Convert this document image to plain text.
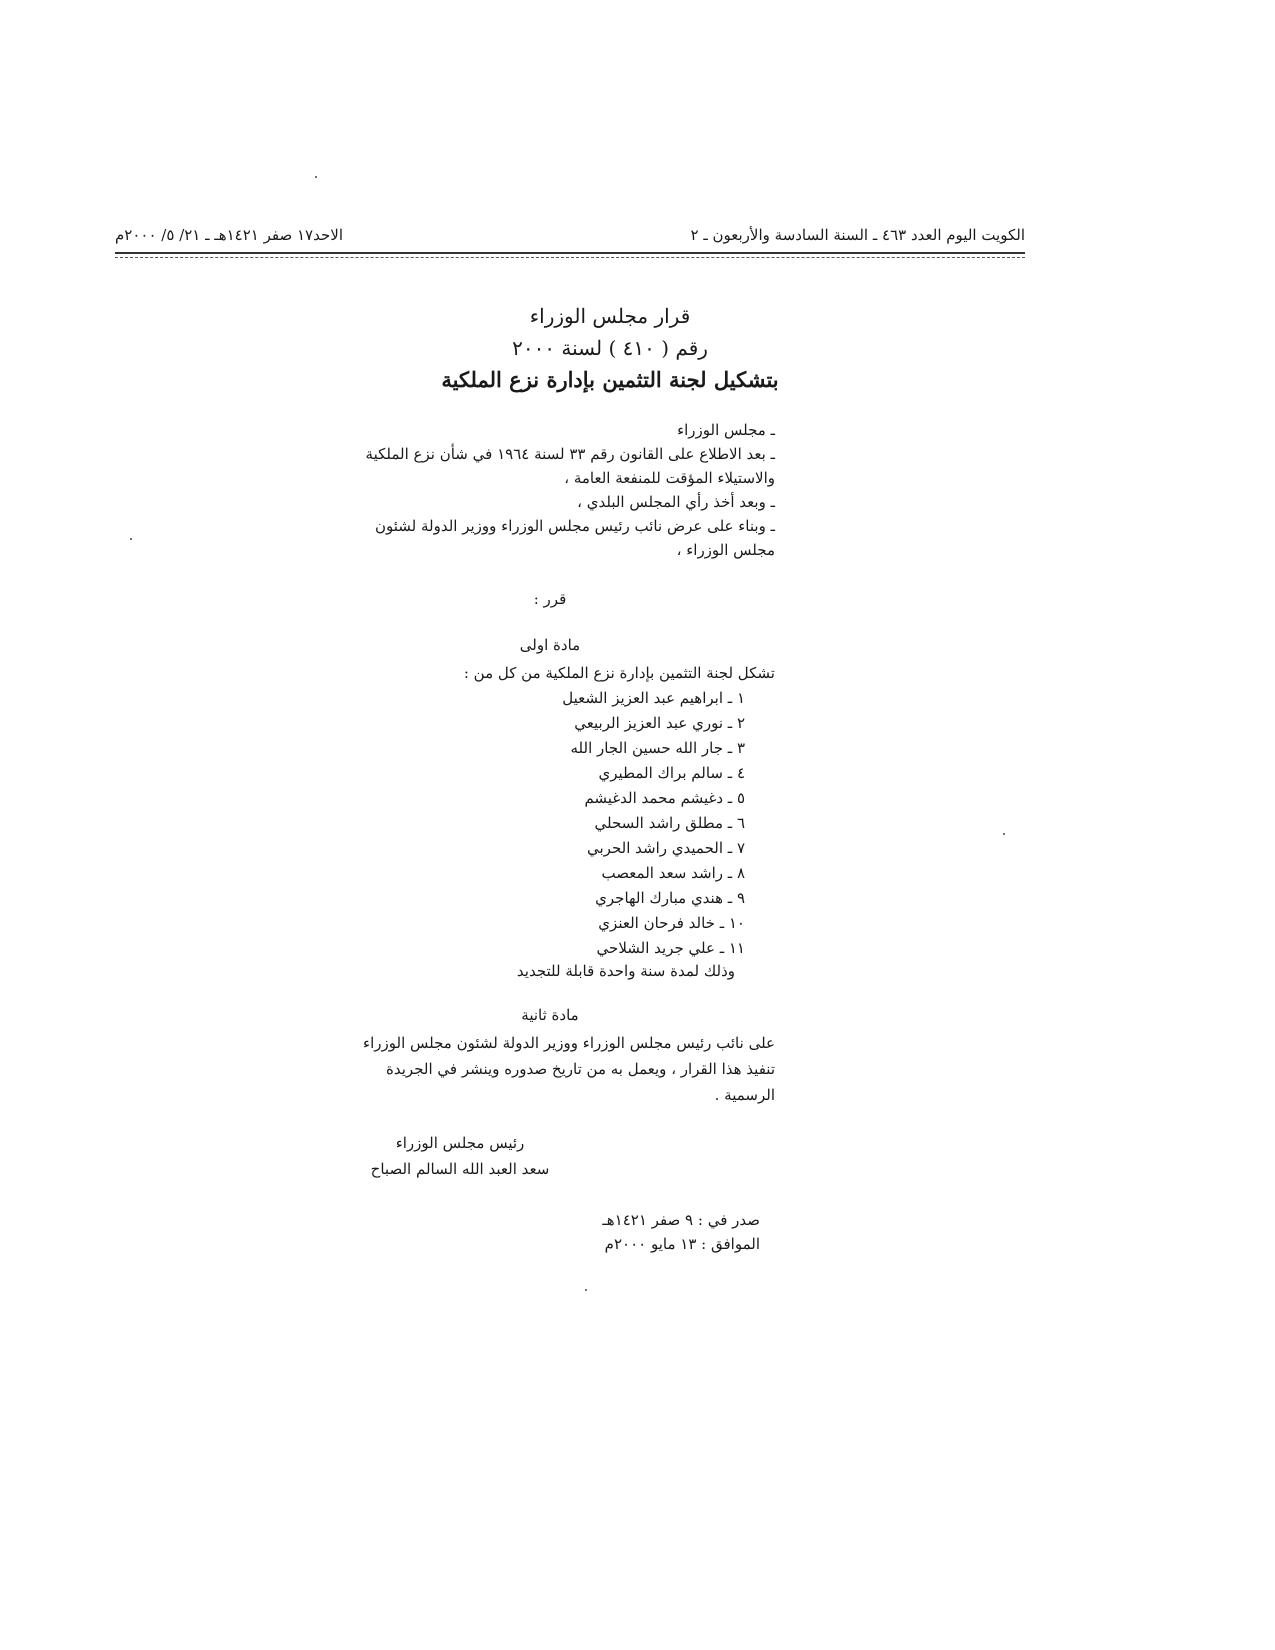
الكويت اليوم العدد ٤٦٣ ـ السنة السادسة والأربعون ـ ٢
الاحد١٧ صفر ١٤٢١هـ ـ ٢١/ ٥/ ٢٠٠٠م
قرار مجلس الوزراء
رقم ( ٤١٠ ) لسنة ٢٠٠٠
بتشكيل لجنة التثمين بإدارة نزع الملكية

ـ مجلس الوزراء

ـ بعد الاطلاع على القانون رقم ٣٣ لسنة ١٩٦٤ في شأن نزع الملكية والاستيلاء المؤقت للمنفعة العامة ،

ـ وبعد أخذ رأي المجلس البلدي ،

ـ وبناء على عرض نائب رئيس مجلس الوزراء ووزير الدولة لشئون مجلس الوزراء ،

قرر :
مادة اولى
تشكل لجنة التثمين بإدارة نزع الملكية من كل من :
١ ـ ابراهيم عبد العزيز الشعيل
٢ ـ نوري عبد العزيز الربيعي
٣ ـ جار الله حسين الجار الله
٤ ـ سالم براك المطيري
٥ ـ دغيشم محمد الدغيشم
٦ ـ مطلق راشد السحلي
٧ ـ الحميدي راشد الحربي
٨ ـ راشد سعد المعصب
٩ ـ هندي مبارك الهاجري
١٠ ـ خالد فرحان العنزي
١١ ـ علي جريد الشلاحي
وذلك لمدة سنة واحدة قابلة للتجديد
مادة ثانية
على نائب رئيس مجلس الوزراء ووزير الدولة لشئون مجلس الوزراء تنفيذ هذا القرار ، ويعمل به من تاريخ صدوره وينشر في الجريدة الرسمية .
رئيس مجلس الوزراء
سعد العبد الله السالم الصباح
صدر في : ٩ صفر ١٤٢١هـ
الموافق : ١٣ مايو ٢٠٠٠م
